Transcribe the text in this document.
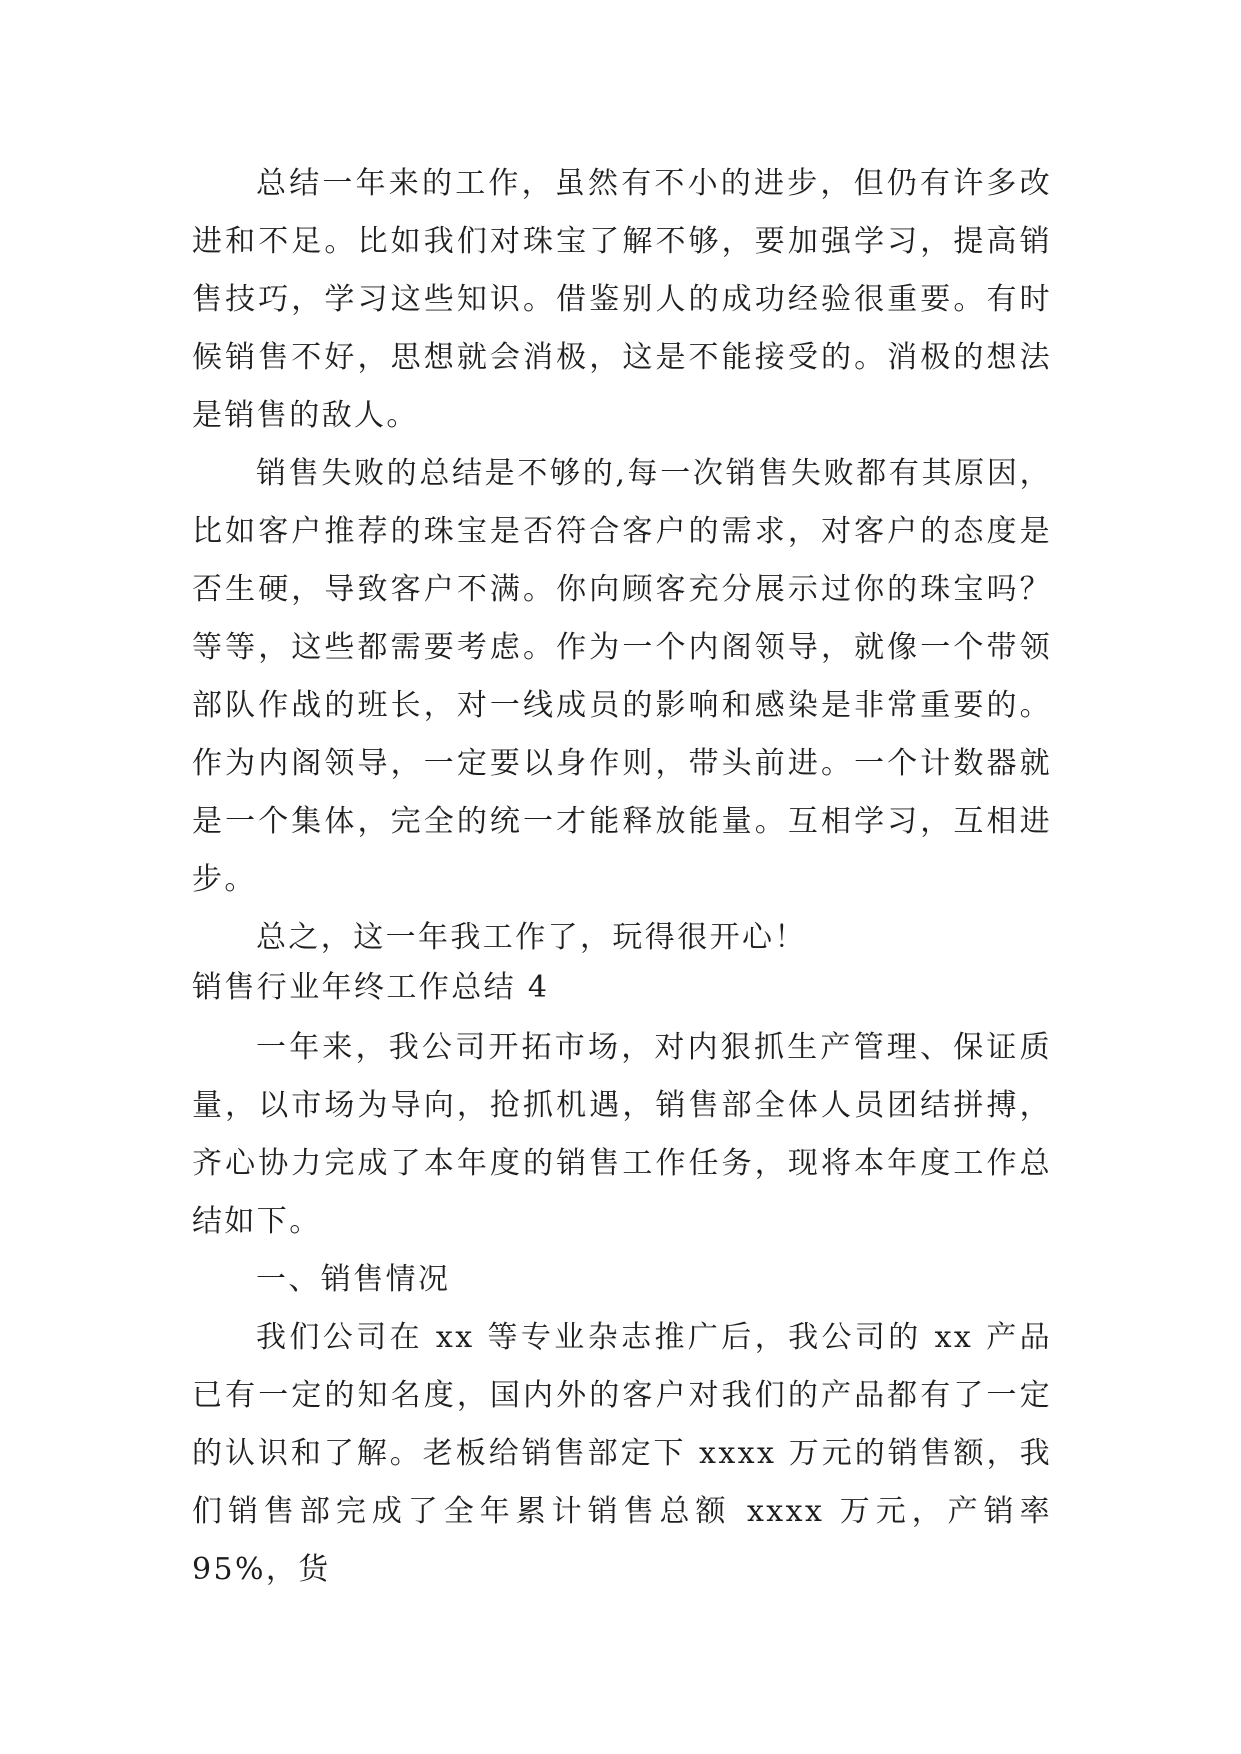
总结一年来的工作，虽然有不小的进步，但仍有许多改进和不足。比如我们对珠宝了解不够，要加强学习，提高销售技巧，学习这些知识。借鉴别人的成功经验很重要。有时候销售不好，思想就会消极，这是不能接受的。消极的想法是销售的敌人。

销售失败的总结是不够的,每一次销售失败都有其原因，比如客户推荐的珠宝是否符合客户的需求，对客户的态度是否生硬，导致客户不满。你向顾客充分展示过你的珠宝吗？等等，这些都需要考虑。作为一个内阁领导，就像一个带领部队作战的班长，对一线成员的影响和感染是非常重要的。作为内阁领导，一定要以身作则，带头前进。一个计数器就是一个集体，完全的统一才能释放能量。互相学习，互相进步。

总之，这一年我工作了，玩得很开心！

销售行业年终工作总结 4

一年来，我公司开拓市场，对内狠抓生产管理、保证质量，以市场为导向，抢抓机遇，销售部全体人员团结拼搏，齐心协力完成了本年度的销售工作任务，现将本年度工作总结如下。

一、销售情况

我们公司在 xx 等专业杂志推广后，我公司的 xx 产品已有一定的知名度，国内外的客户对我们的产品都有了一定的认识和了解。老板给销售部定下 xxxx 万元的销售额，我们销售部完成了全年累计销售总额 xxxx 万元，产销率 95%，货
